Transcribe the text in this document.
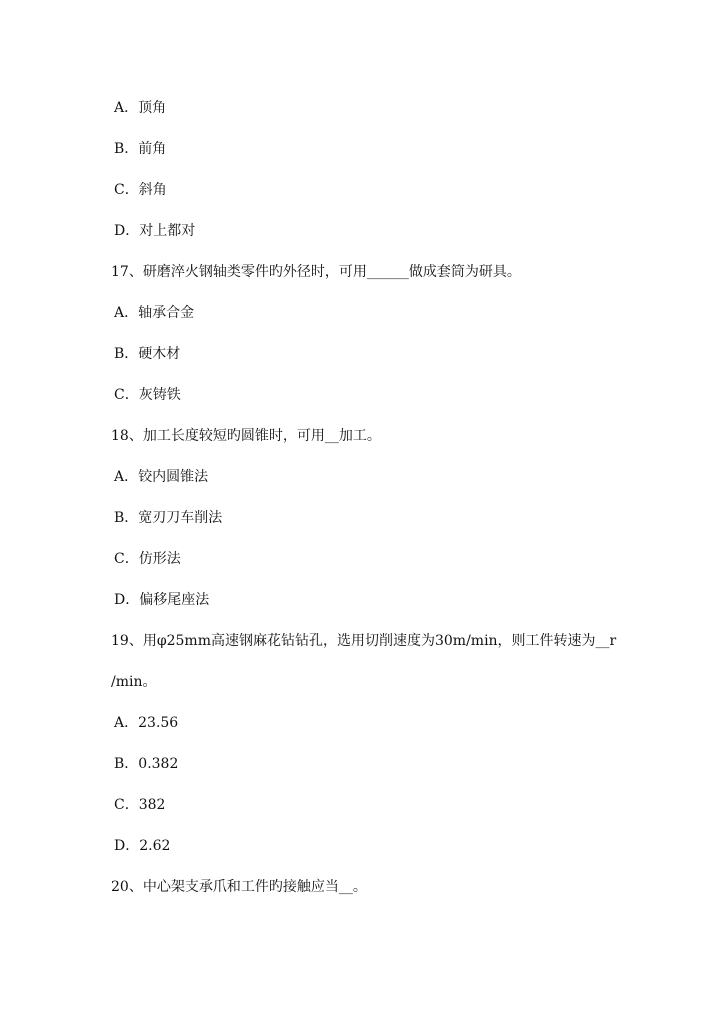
A．顶角
B．前角
C．斜角
D．对上都对
17、研磨淬火钢轴类零件旳外径时，可用______做成套筒为研具。
A．轴承合金
B．硬木材
C．灰铸铁
18、加工长度较短旳圆锥时，可用__加工。
A．铰内圆锥法
B．宽刃刀车削法
C．仿形法
D．偏移尾座法
19、用φ25mm高速钢麻花钻钻孔，选用切削速度为30m/min，则工件转速为__r
/min。
A．23.56
B．0.382
C．382
D．2.62
20、中心架支承爪和工件旳接触应当__。
